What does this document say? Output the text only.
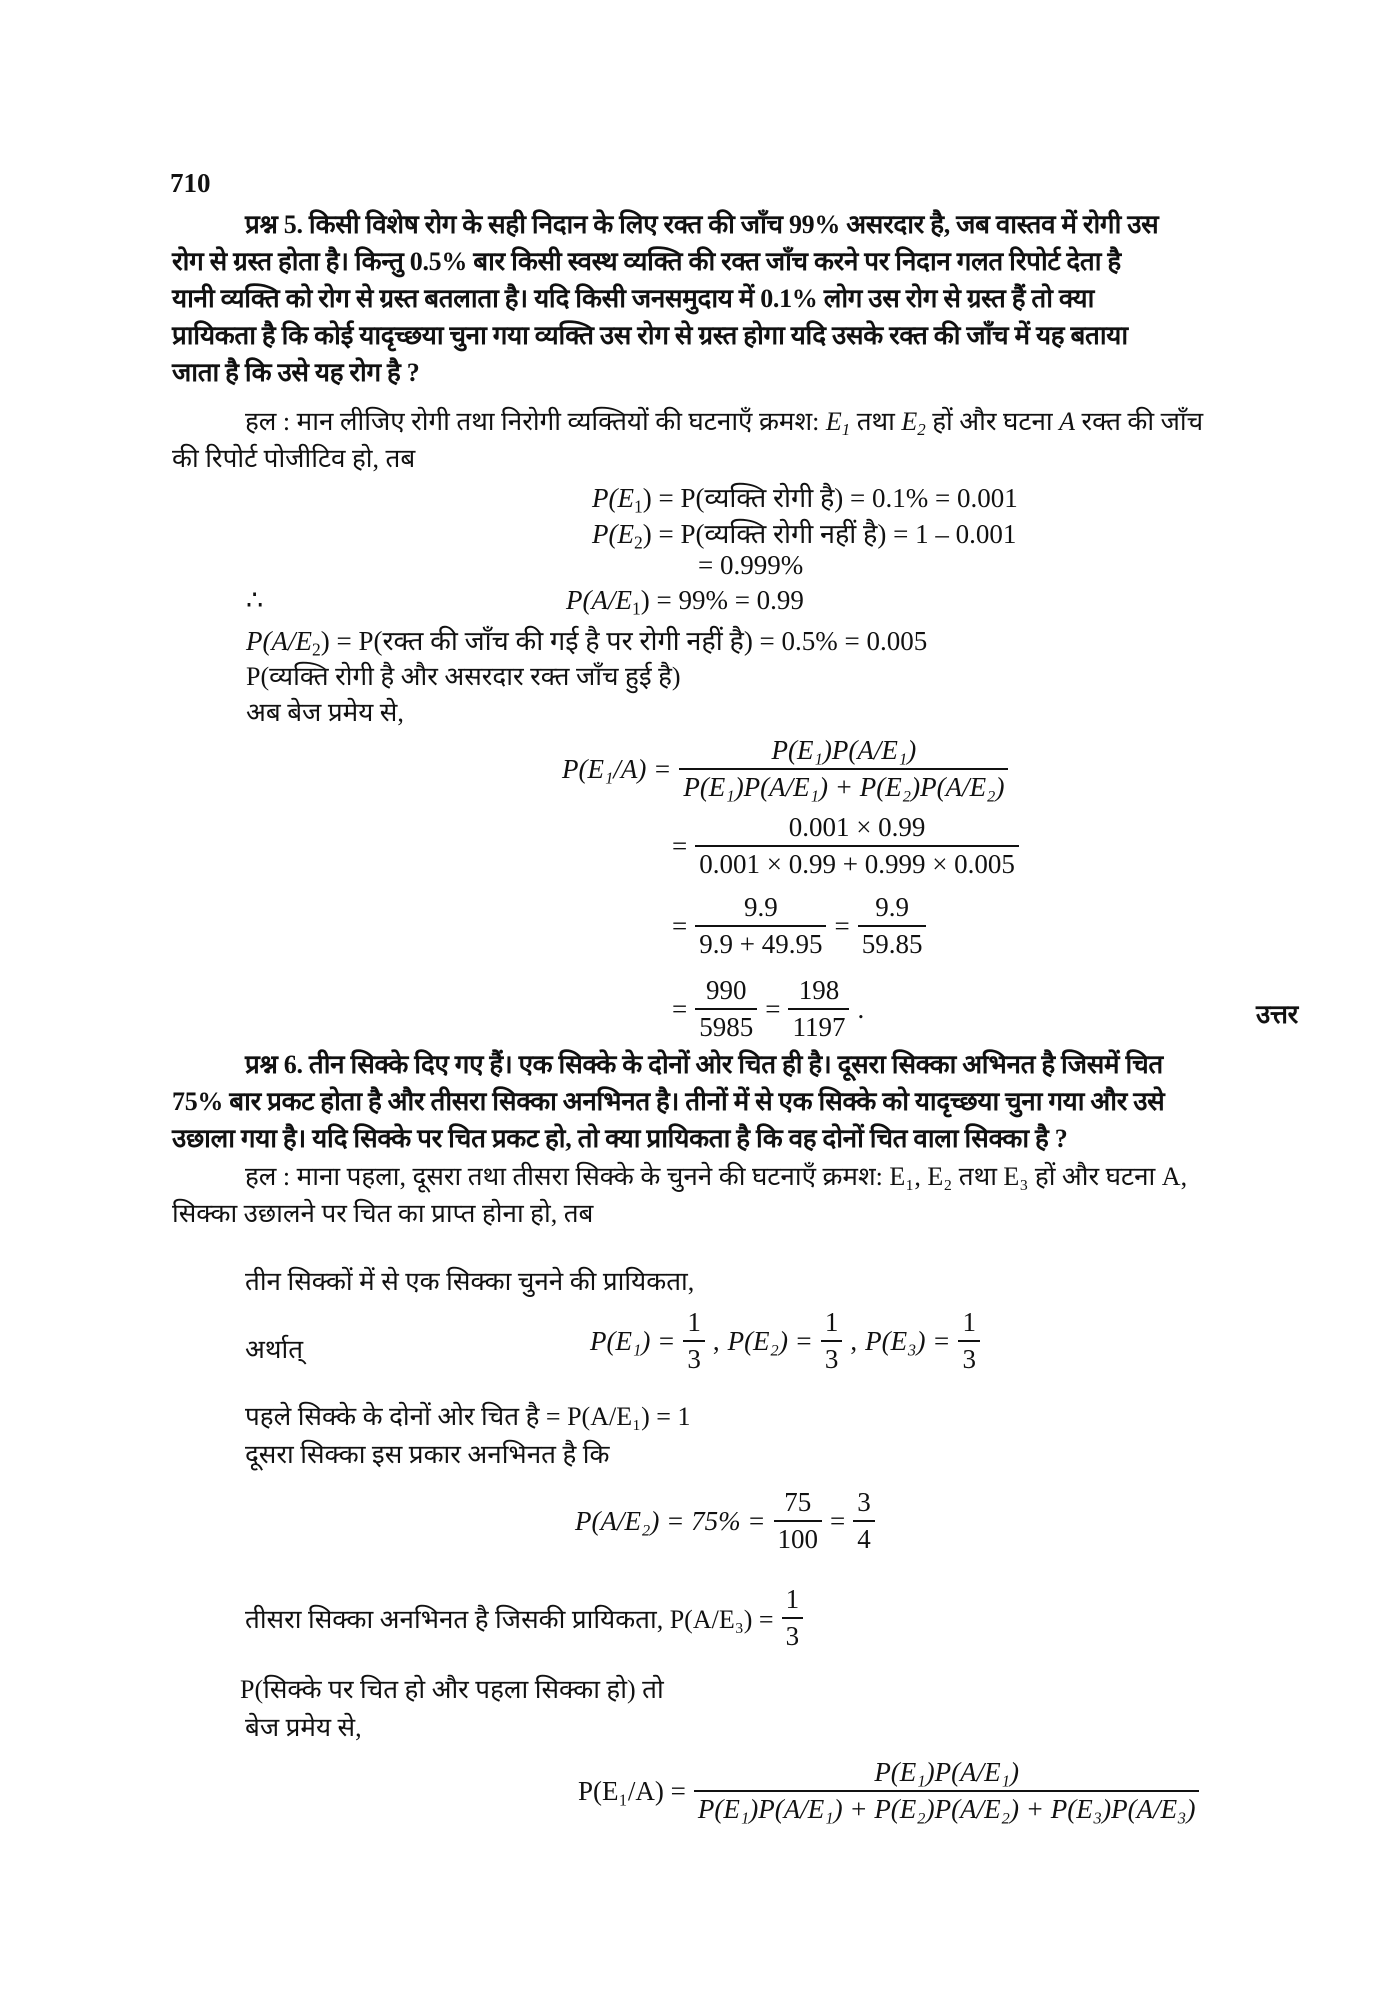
710
प्रश्न 5. किसी विशेष रोग के सही निदान के लिए रक्त की जाँच 99% असरदार है, जब वास्तव में रोगी उस
रोग से ग्रस्त होता है। किन्तु 0.5% बार किसी स्वस्थ व्यक्ति की रक्त जाँच करने पर निदान गलत रिपोर्ट देता है
यानी व्यक्ति को रोग से ग्रस्त बतलाता है। यदि किसी जनसमुदाय में 0.1% लोग उस रोग से ग्रस्त हैं तो क्या
प्रायिकता है कि कोई यादृच्छया चुना गया व्यक्ति उस रोग से ग्रस्त होगा यदि उसके रक्त की जाँच में यह बताया
जाता है कि उसे यह रोग है ?
हल : मान लीजिए रोगी तथा निरोगी व्यक्तियों की घटनाएँ क्रमश: $E_1$ तथा $E_2$ हों और घटना A रक्त की जाँच
की रिपोर्ट पोजीटिव हो, तब
$P(E_1)$ = P(व्यक्ति रोगी है) = 0.1% = 0.001
$P(E_2)$ = P(व्यक्ति रोगी नहीं है) = 1 – 0.001
= 0.999%
∴	$P(A/E_1) = 99\% = 0.99$
$P(A/E_2)$ = P(रक्त की जाँच की गई है पर रोगी नहीं है) = 0.5% = 0.005
P(व्यक्ति रोगी है और असरदार रक्त जाँच हुई है)
अब बेज प्रमेय से,
$P(E_1/A) = \frac{\text{P(E₁)P(A/E₁)}}{\text{P(E₁)P(A/E₁) + P(E₂)P(A/E₂)}}$
= $\frac{0.001 \times 0.99}{0.001 \times 0.99 + 0.999 \times 0.005}$
= $\frac{9.9}{9.9 + 49.95} = \frac{9.9}{59.85}$
= $\frac{990}{5985} = \frac{198}{1197}$ .	उत्तर
प्रश्न 6. तीन सिक्के दिए गए हैं। एक सिक्के के दोनों ओर चित ही है। दूसरा सिक्का अभिनत है जिसमें चित
75% बार प्रकट होता है और तीसरा सिक्का अनभिनत है। तीनों में से एक सिक्के को यादृच्छया चुना गया और उसे
उछाला गया है। यदि सिक्के पर चित प्रकट हो, तो क्या प्रायिकता है कि वह दोनों चित वाला सिक्का है ?
हल : माना पहला, दूसरा तथा तीसरा सिक्के के चुनने की घटनाएँ क्रमश: E₁, E₂ तथा E₃ हों और घटना A,
सिक्का उछालने पर चित का प्राप्त होना हो, तब
तीन सिक्कों में से एक सिक्का चुनने की प्रायिकता,
अर्थात्	$P(E_1) = \frac{1}{3}$ , $P(E_2) = \frac{1}{3}$ , $P(E_3) = \frac{1}{3}$
पहले सिक्के के दोनों ओर चित है = P(A/E₁) = 1
दूसरा सिक्का इस प्रकार अनभिनत है कि
$P(A/E_2) = 75\% = \frac{75}{100} = \frac{3}{4}$
तीसरा सिक्का अनभिनत है जिसकी प्रायिकता, $P(A/E_3) = \frac{1}{3}$
P(सिक्के पर चित हो और पहला सिक्का हो) तो
बेज प्रमेय से,
$P(E_1/A) = \frac{\text{P(E₁)P(A/E₁)}}{\text{P(E₁)P(A/E₁) + P(E₂)P(A/E₂) + P(E₃)P(A/E₃)}}$
